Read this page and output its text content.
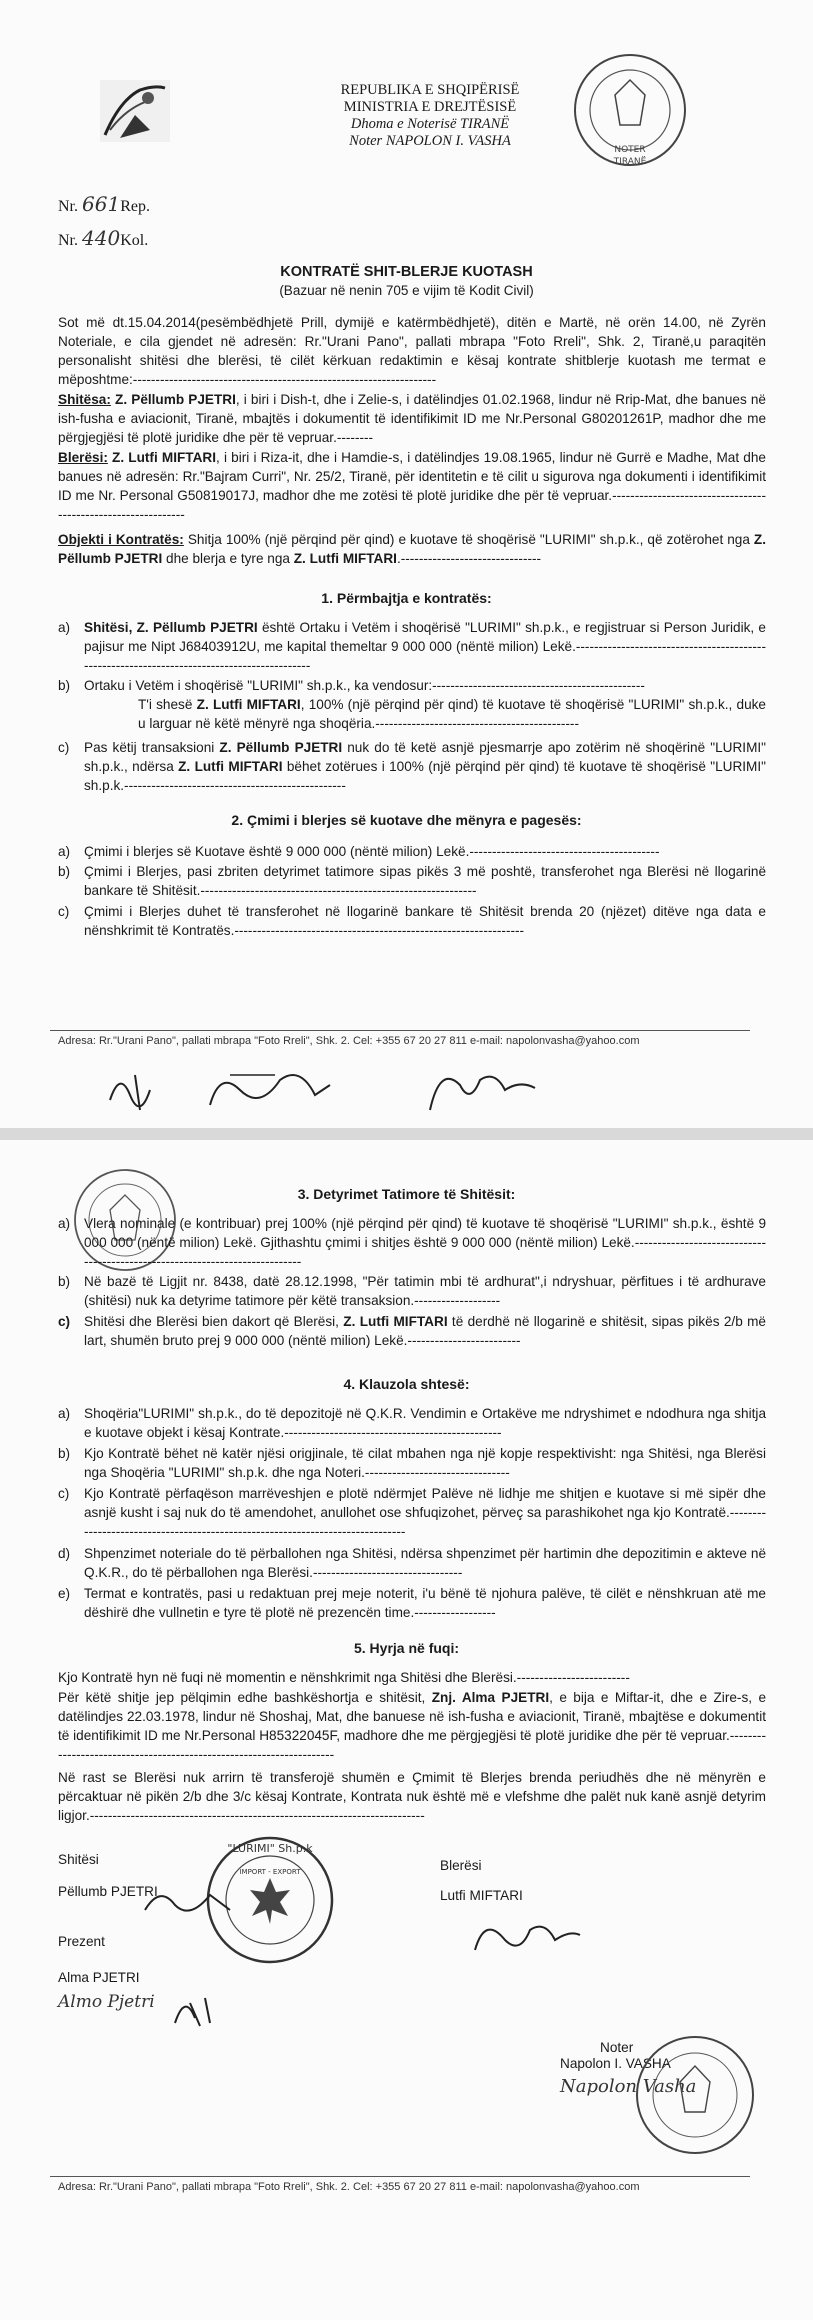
REPUBLIKA E SHQIPËRISË
MINISTRIA E DREJTËSISË
Dhoma e Noterisë TIRANË
Noter NAPOLON I. VASHA
NOTER
TIRANË
Nr. 661Rep.
Nr. 440Kol.
KONTRATË SHIT-BLERJE KUOTASH
(Bazuar në nenin 705 e vijim të Kodit Civil)
Sot më dt.15.04.2014(pesëmbëdhjetë Prill, dymijë e katërmbëdhjetë), ditën e Martë, në orën 14.00, në Zyrën Noteriale, e cila gjendet në adresën: Rr."Urani Pano", pallati mbrapa "Foto Rreli", Shk. 2, Tiranë,u paraqitën personalisht shitësi dhe blerësi, të cilët kërkuan redaktimin e kësaj kontrate shitblerje kuotash me termat e mëposhtme:-------------------------------------------------------------------
Shitësa: Z. Pëllumb PJETRI, i biri i Dish-t, dhe i Zelie-s, i datëlindjes 01.02.1968, lindur në Rrip-Mat, dhe banues në ish-fusha e aviacionit, Tiranë, mbajtës i dokumentit të identifikimit ID me Nr.Personal G80201261P, madhor dhe me përgjegjësi të plotë juridike dhe për të vepruar.--------
Blerësi: Z. Lutfi MIFTARI, i biri i Riza-it, dhe i Hamdie-s, i datëlindjes 19.08.1965, lindur në Gurrë e Madhe, Mat dhe banues në adresën: Rr."Bajram Curri", Nr. 25/2, Tiranë, për identitetin e të cilit u sigurova nga dokumenti i identifikimit ID me Nr. Personal G50819017J, madhor dhe me zotësi të plotë juridike dhe për të vepruar.--------------------------------------------------------------
Objekti i Kontratës: Shitja 100% (një përqind për qind) e kuotave të shoqërisë "LURIMI" sh.p.k., që zotërohet nga Z. Pëllumb PJETRI dhe blerja e tyre nga Z. Lutfi MIFTARI.-------------------------------
1. Përmbajtja e kontratës:
a) Shitësi, Z. Pëllumb PJETRI është Ortaku i Vetëm i shoqërisë "LURIMI" sh.p.k., e regjistruar si Person Juridik, e pajisur me Nipt J68403912U, me kapital themeltar 9 000 000 (nëntë milion) Lekë.--------------------------------------------------------------------------------------------
b) Ortaku i Vetëm i shoqërisë "LURIMI" sh.p.k., ka vendosur:-----------------------------------------------
T'i shesë Z. Lutfi MIFTARI, 100% (një përqind për qind) të kuotave të shoqërisë "LURIMI" sh.p.k., duke u larguar në këtë mënyrë nga shoqëria.---------------------------------------------
c) Pas këtij transaksioni Z. Pëllumb PJETRI nuk do të ketë asnjë pjesmarrje apo zotërim në shoqërinë "LURIMI" sh.p.k., ndërsa Z. Lutfi MIFTARI bëhet zotërues i 100% (një përqind për qind) të kuotave të shoqërisë "LURIMI" sh.p.k.-------------------------------------------------
2. Çmimi i blerjes së kuotave dhe mënyra e pagesës:
a) Çmimi i blerjes së Kuotave është 9 000 000 (nëntë milion) Lekë.------------------------------------------
b) Çmimi i Blerjes, pasi zbriten detyrimet tatimore sipas pikës 3 më poshtë, transferohet nga Blerësi në llogarinë bankare të Shitësit.-------------------------------------------------------------
c) Çmimi i Blerjes duhet të transferohet në llogarinë bankare të Shitësit brenda 20 (njëzet) ditëve nga data e nënshkrimit të Kontratës.----------------------------------------------------------------
Adresa: Rr."Urani Pano", pallati mbrapa "Foto Rreli", Shk. 2. Cel: +355 67 20 27 811 e-mail: napolonvasha@yahoo.com
3. Detyrimet Tatimore të Shitësit:
a) Vlera nominale (e kontribuar) prej 100% (një përqind për qind) të kuotave të shoqërisë "LURIMI" sh.p.k., është 9 000 000 (nëntë milion) Lekë. Gjithashtu çmimi i shitjes është 9 000 000 (nëntë milion) Lekë.-----------------------------------------------------------------------------
b) Në bazë të Ligjit nr. 8438, datë 28.12.1998, "Për tatimin mbi të ardhurat",i ndryshuar, përfitues i të ardhurave (shitësi) nuk ka detyrime tatimore për këtë transaksion.-------------------
c) Shitësi dhe Blerësi bien dakort që Blerësi, Z. Lutfi MIFTARI të derdhë në llogarinë e shitësit, sipas pikës 2/b më lart, shumën bruto prej 9 000 000 (nëntë milion) Lekë.-------------------------
4. Klauzola shtesë:
a) Shoqëria"LURIMI" sh.p.k., do të depozitojë në Q.K.R. Vendimin e Ortakëve me ndryshimet e ndodhura nga shitja e kuotave objekt i kësaj Kontrate.------------------------------------------------
b) Kjo Kontratë bëhet në katër njësi origjinale, të cilat mbahen nga një kopje respektivisht: nga Shitësi, nga Blerësi nga Shoqëria "LURIMI" sh.p.k. dhe nga Noteri.--------------------------------
c) Kjo Kontratë përfaqëson marrëveshjen e plotë ndërmjet Palëve në lidhje me shitjen e kuotave si më sipër dhe asnjë kusht i saj nuk do të amendohet, anullohet ose shfuqizohet, përveç sa parashikohet nga kjo Kontratë.-------------------------------------------------------------------------------
d) Shpenzimet noteriale do të përballohen nga Shitësi, ndërsa shpenzimet për hartimin dhe depozitimin e akteve në Q.K.R., do të përballohen nga Blerësi.---------------------------------
e) Termat e kontratës, pasi u redaktuan prej meje noterit, i'u bënë të njohura palëve, të cilët e nënshkruan atë me dëshirë dhe vullnetin e tyre të plotë në prezencën time.------------------
5. Hyrja në fuqi:
Kjo Kontratë hyn në fuqi në momentin e nënshkrimit nga Shitësi dhe Blerësi.-------------------------
Për këtë shitje jep pëlqimin edhe bashkëshortja e shitësit, Znj. Alma PJETRI, e bija e Miftar-it, dhe e Zire-s, e datëlindjes 22.03.1978, lindur në Shoshaj, Mat, dhe banuese në ish-fusha e aviacionit, Tiranë, mbajtëse e dokumentit të identifikimit ID me Nr.Personal H85322045F, madhore dhe me përgjegjësi të plotë juridike dhe për të vepruar.---------------------------------------------------------------------
Në rast se Blerësi nuk arrirn të transferojë shumën e Çmimit të Blerjes brenda periudhës dhe në mënyrën e përcaktuar në pikën 2/b dhe 3/c kësaj Kontrate, Kontrata nuk është më e vlefshme dhe palët nuk kanë asnjë detyrim ligjor.--------------------------------------------------------------------------
Shitësi
Pëllumb PJETRI
Blerësi
Lutfi MIFTARI
"LURIMI" Sh.p.k
IMPORT - EXPORT
Prezent
Alma PJETRI
Almo Pjetri
Noter
Napolon I. VASHA
Napolon Vasha
Adresa: Rr."Urani Pano", pallati mbrapa "Foto Rreli", Shk. 2. Cel: +355 67 20 27 811 e-mail: napolonvasha@yahoo.com
